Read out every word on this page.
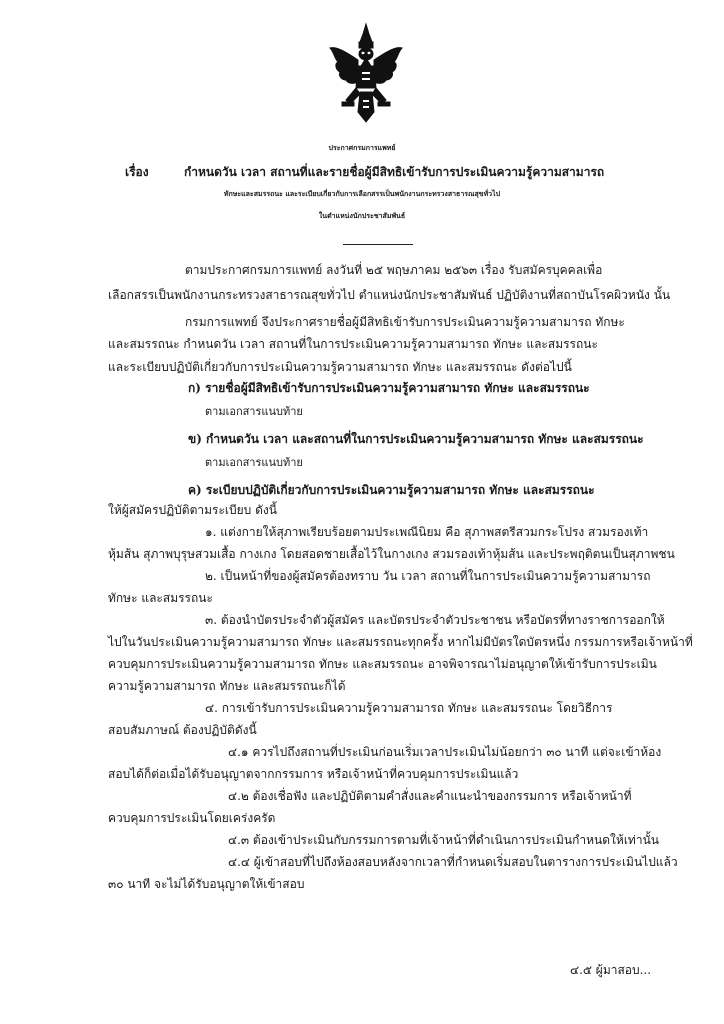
ประกาศกรมการแพทย์
เรื่อง	กำหนดวัน เวลา สถานที่และรายชื่อผู้มีสิทธิเข้ารับการประเมินความรู้ความสามารถ
ทักษะและสมรรถนะ และระเบียบเกี่ยวกับการเลือกสรรเป็นพนักงานกระทรวงสาธารณสุขทั่วไป
ในตำแหน่งนักประชาสัมพันธ์
ตามประกาศกรมการแพทย์ ลงวันที่ ๒๕ พฤษภาคม ๒๕๖๓ เรื่อง รับสมัครบุคคลเพื่อ
เลือกสรรเป็นพนักงานกระทรวงสาธารณสุขทั่วไป ตำแหน่งนักประชาสัมพันธ์ ปฏิบัติงานที่สถาบันโรคผิวหนัง นั้น
กรมการแพทย์ จึงประกาศรายชื่อผู้มีสิทธิเข้ารับการประเมินความรู้ความสามารถ ทักษะ
และสมรรถนะ กำหนดวัน เวลา สถานที่ในการประเมินความรู้ความสามารถ ทักษะ และสมรรถนะ
และระเบียบปฏิบัติเกี่ยวกับการประเมินความรู้ความสามารถ ทักษะ และสมรรถนะ ดังต่อไปนี้
ก) รายชื่อผู้มีสิทธิเข้ารับการประเมินความรู้ความสามารถ ทักษะ และสมรรถนะ
ตามเอกสารแนบท้าย
ข) กำหนดวัน เวลา และสถานที่ในการประเมินความรู้ความสามารถ ทักษะ และสมรรถนะ
ตามเอกสารแนบท้าย
ค) ระเบียบปฏิบัติเกี่ยวกับการประเมินความรู้ความสามารถ ทักษะ และสมรรถนะ
ให้ผู้สมัครปฏิบัติตามระเบียบ ดังนี้
๑. แต่งกายให้สุภาพเรียบร้อยตามประเพณีนิยม คือ สุภาพสตรีสวมกระโปรง สวมรองเท้า
หุ้มส้น สุภาพบุรุษสวมเสื้อ กางเกง โดยสอดชายเสื้อไว้ในกางเกง สวมรองเท้าหุ้มส้น และประพฤติตนเป็นสุภาพชน
๒. เป็นหน้าที่ของผู้สมัครต้องทราบ วัน เวลา สถานที่ในการประเมินความรู้ความสามารถ
ทักษะ และสมรรถนะ
๓. ต้องนำบัตรประจำตัวผู้สมัคร และบัตรประจำตัวประชาชน หรือบัตรที่ทางราชการออกให้
ไปในวันประเมินความรู้ความสามารถ ทักษะ และสมรรถนะทุกครั้ง หากไม่มีบัตรใดบัตรหนึ่ง กรรมการหรือเจ้าหน้าที่
ควบคุมการประเมินความรู้ความสามารถ ทักษะ และสมรรถนะ อาจพิจารณาไม่อนุญาตให้เข้ารับการประเมิน
ความรู้ความสามารถ ทักษะ และสมรรถนะก็ได้
๔. การเข้ารับการประเมินความรู้ความสามารถ ทักษะ และสมรรถนะ โดยวิธีการ
สอบสัมภาษณ์ ต้องปฏิบัติดังนี้
๔.๑ ควรไปถึงสถานที่ประเมินก่อนเริ่มเวลาประเมินไม่น้อยกว่า ๓๐ นาที แต่จะเข้าห้อง
สอบได้ก็ต่อเมื่อได้รับอนุญาตจากกรรมการ หรือเจ้าหน้าที่ควบคุมการประเมินแล้ว
๔.๒ ต้องเชื่อฟัง และปฏิบัติตามคำสั่งและคำแนะนำของกรรมการ หรือเจ้าหน้าที่
ควบคุมการประเมินโดยเคร่งครัด
๔.๓ ต้องเข้าประเมินกับกรรมการตามที่เจ้าหน้าที่ดำเนินการประเมินกำหนดให้เท่านั้น
๔.๔ ผู้เข้าสอบที่ไปถึงห้องสอบหลังจากเวลาที่กำหนดเริ่มสอบในตารางการประเมินไปแล้ว
๓๐ นาที จะไม่ได้รับอนุญาตให้เข้าสอบ
๔.๕ ผู้มาสอบ...
